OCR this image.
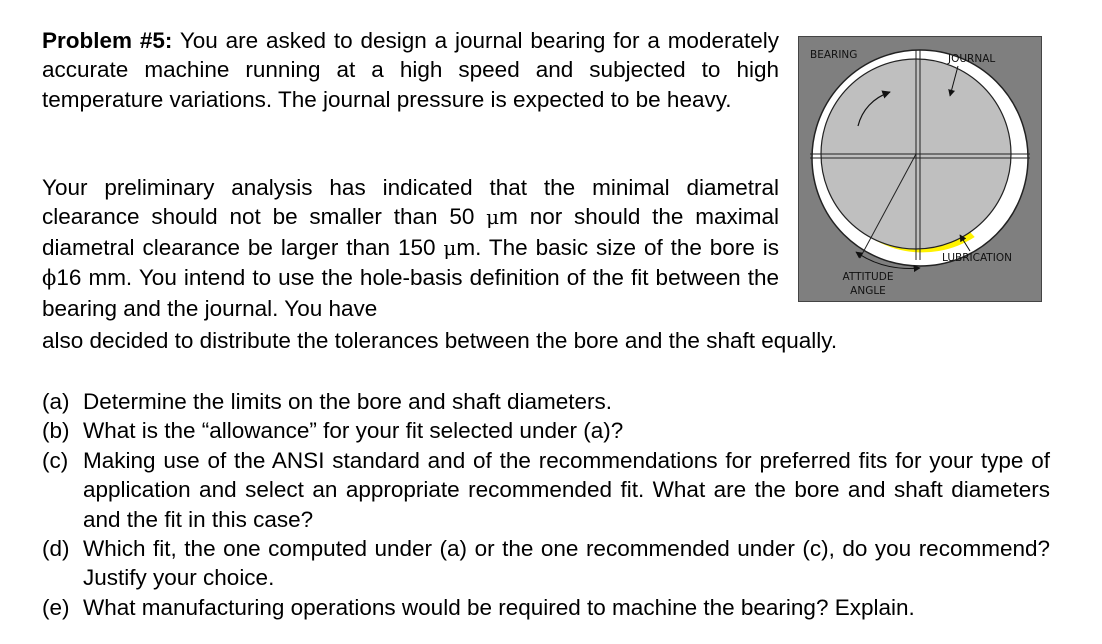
Problem #5: You are asked to design a journal bearing for a moderately accurate machine running at a high speed and subjected to high temperature variations. The journal pressure is expected to be heavy.
Your preliminary analysis has indicated that the minimal diametral clearance should not be smaller than 50 μm nor should the maximal diametral clearance be larger than 150 μm. The basic size of the bore is ϕ16 mm. You intend to use the hole-basis definition of the fit between the bearing and the journal. You have
also decided to distribute the tolerances between the bore and the shaft equally.
(a) Determine the limits on the bore and shaft diameters.
(b) What is the “allowance” for your fit selected under (a)?
(c) Making use of the ANSI standard and of the recommendations for preferred fits for your type of application and select an appropriate recommended fit. What are the bore and shaft diameters and the fit in this case?
(d) Which fit, the one computed under (a) or the one recommended under (c), do you recommend? Justify your choice.
(e) What manufacturing operations would be required to machine the bearing? Explain.
BEARING	JOURNAL
LUBRICATION
ATTITUDE
ANGLE
